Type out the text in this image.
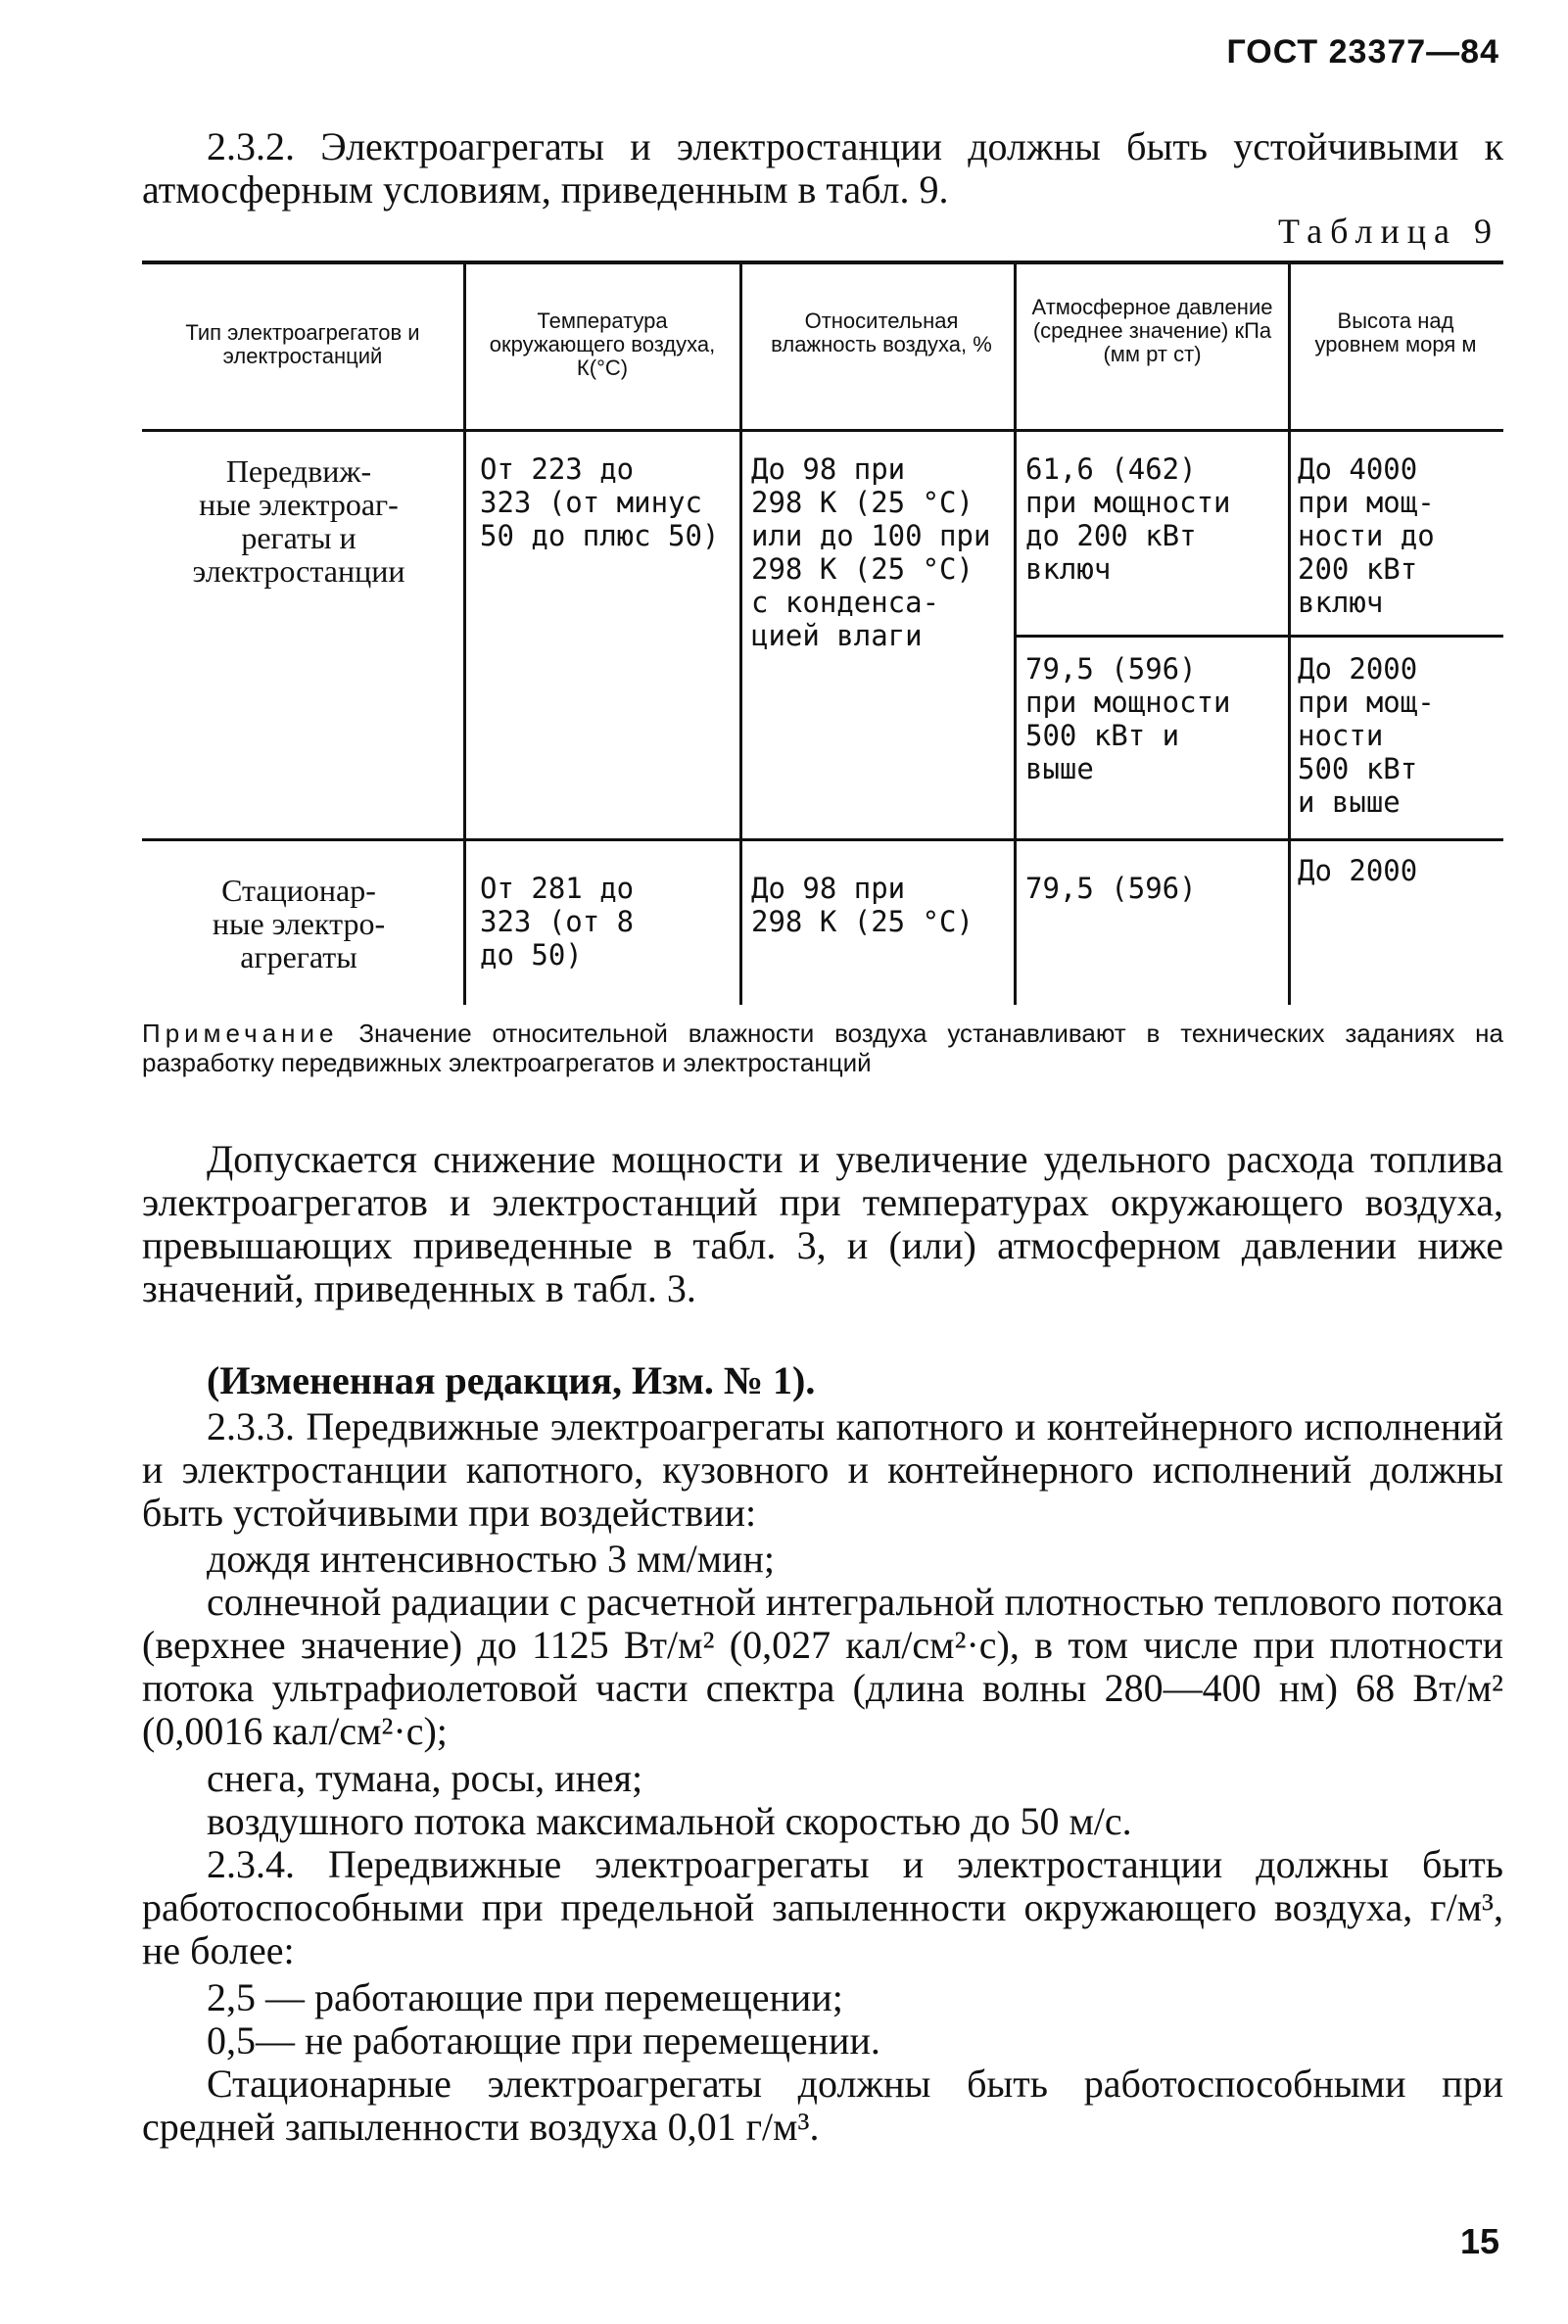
ГОСТ 23377—84
2.3.2. Электроагрегаты и электростанции должны быть устойчивыми к атмосферным условиям, приведенным в табл. 9.
Таблица 9
Тип электроагрегатов и электростанций
Температура окружающего воздуха, К(°С)
Относительная влажность воздуха, %
Атмосферное давление (среднее значение) кПа (мм рт ст)
Высота над уровнем моря м
Передвиж-
ные электроаг-
регаты и
электростанции
От 223 до
323 (от минус
50 до плюс 50)
До 98 при
298 К (25 °С)
или до 100 при
298 К (25 °С)
с конденса-
цией влаги
61,6 (462)
при мощности
до 200 кВт
включ
До 4000
при мощ-
ности до
200 кВт
включ
79,5 (596)
при мощности
500 кВт и
выше
До 2000
при мощ-
ности
500 кВт
и выше
Стационар-
ные электро-
агрегаты
От 281 до
323 (от 8
до 50)
До 98 при
298 К (25 °С)
79,5 (596)
До 2000
Примечание Значение относительной влажности воздуха устанавливают в технических заданиях на разработку передвижных электроагрегатов и электростанций
Допускается снижение мощности и увеличение удельного расхода топлива электроагрегатов и электростанций при температурах окружающего воздуха, превышающих приведенные в табл. 3, и (или) атмосферном давлении ниже значений, приведенных в табл. 3.
(Измененная редакция, Изм. № 1).
2.3.3. Передвижные электроагрегаты капотного и контейнерного исполнений и электростанции капотного, кузовного и контейнерного исполнений должны быть устойчивыми при воздействии:
дождя интенсивностью 3 мм/мин;
солнечной радиации с расчетной интегральной плотностью теплового потока (верхнее значение) до 1125 Вт/м² (0,027 кал/см²·с), в том числе при плотности потока ультрафиолетовой части спектра (длина волны 280—400 нм) 68 Вт/м² (0,0016 кал/см²·с);
снега, тумана, росы, инея;
воздушного потока максимальной скоростью до 50 м/с.
2.3.4. Передвижные электроагрегаты и электростанции должны быть работоспособными при предельной запыленности окружающего воздуха, г/м³, не более:
2,5 — работающие при перемещении;
0,5— не работающие при перемещении.
Стационарные электроагрегаты должны быть работоспособными при средней запыленности воздуха 0,01 г/м³.
15
